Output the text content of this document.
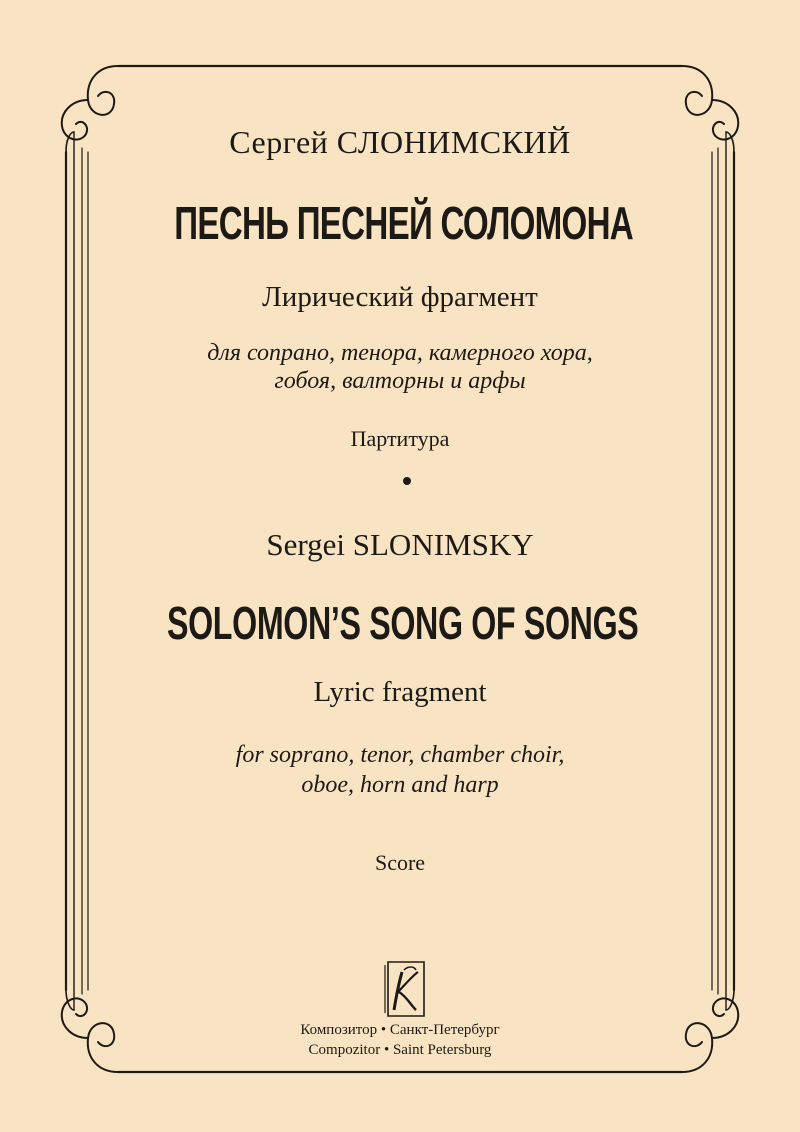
Сергей СЛОНИМСКИЙ
ПЕСНЬ ПЕСНЕЙ СОЛОМОНА
Лирический фрагмент
для сопрано, тенора, камерного хора,
гобоя, валторны и арфы
Партитура
Sergei SLONIMSKY
SOLOMON’S SONG OF SONGS
Lyric fragment
for soprano, tenor, chamber choir,
oboe, horn and harp
Score
Композитор • Санкт-Петербург
Compozitor • Saint Petersburg
